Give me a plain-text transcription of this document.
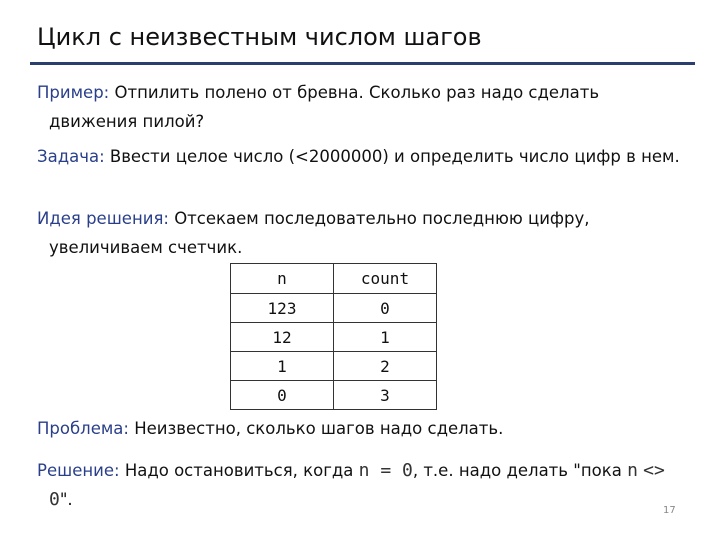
Цикл с неизвестным числом шагов
Пример: Отпилить полено от бревна. Сколько раз надо сделать движения пилой?
Задача: Ввести целое число (<2000000) и определить число цифр в нем.
Идея решения: Отсекаем последовательно последнюю цифру, увеличиваем счетчик.
n	count
123	0
12	1
1	2
0	3
Проблема: Неизвестно, сколько шагов надо сделать.
Решение: Надо остановиться, когда n = 0, т.е. надо делать "пока n <> 0".
17
